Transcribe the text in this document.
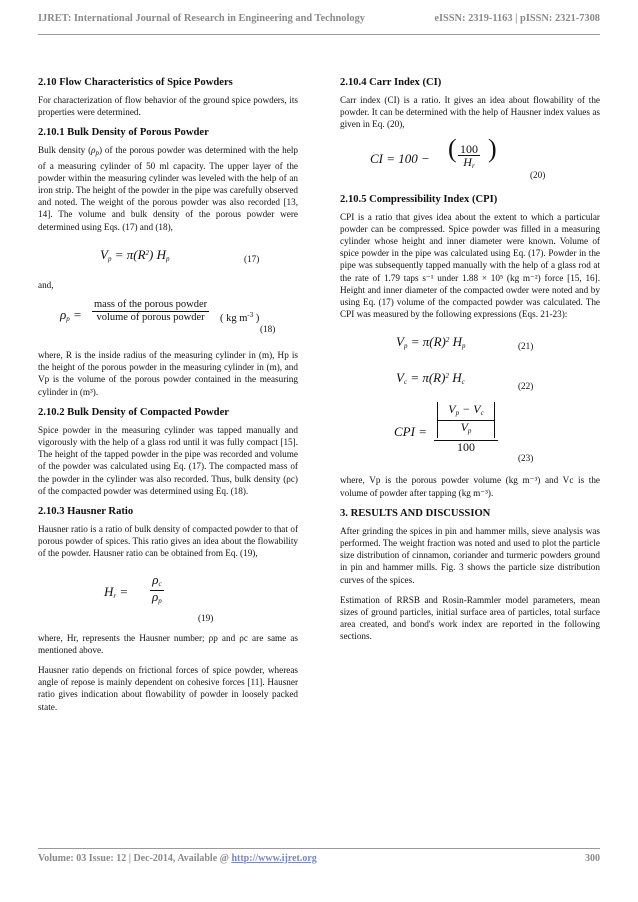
IJRET: International Journal of Research in Engineering and Technology	eISSN: 2319-1163 | pISSN: 2321-7308
2.10 Flow Characteristics of Spice Powders

For characterization of flow behavior of the ground spice powders, its properties were determined.

2.10.1 Bulk Density of Porous Powder

Bulk density $(\rho_p)$ of the porous powder was determined with the help of a measuring cylinder of 50 ml capacity. The upper layer of the powder within the measuring cylinder was leveled with the help of an iron strip. The height of the powder in the pipe was carefully observed and noted. The weight of the porous powder was also recorded [13, 14]. The volume and bulk density of the porous powder were determined using Eqs. (17) and (18),

$V_p = \pi(R^2)$ $H_p$	(17)

and,

$\rho_p$ =
mass of the porous powder
volume of porous powder ( kg $m^{-3}$ )
(18)

where, R is the inside radius of the measuring cylinder in (m), Hp is the height of the porous powder in the measuring cylinder in (m), and Vp is the volume of the porous powder contained in the measuring cylinder in (m³).

2.10.2 Bulk Density of Compacted Powder

Spice powder in the measuring cylinder was tapped manually and vigorously with the help of a glass rod until it was fully compact [15]. The height of the tapped powder in the pipe was recorded and volume of the powder was calculated using Eq. (17). The compacted mass of the powder in the cylinder was also recorded. Thus, bulk density (ρc) of the compacted powder was determined using Eq. (18).

2.10.3 Hausner Ratio

Hausner ratio is a ratio of bulk density of compacted powder to that of porous powder of spices. This ratio gives an idea about the flowability of the powder. Hausner ratio can be obtained from Eq. (19),

$H_r = \frac{\rho_c}{\rho_p}$
(19)

where, Hr, represents the Hausner number; ρp and ρc are same as mentioned above.

Hausner ratio depends on frictional forces of spice powder, whereas angle of repose is mainly dependent on cohesive forces [11]. Hausner ratio gives indication about flowability of powder in loosely packed state.

2.10.4 Carr Index (CI)

Carr index (CI) is a ratio. It gives an idea about flowability of the powder. It can be determined with the help of Hausner index values as given in Eq. (20),

CI = 100 − ( $\frac{100}{H_r}$ )
(20)
2.10.5 Compressibility Index (CPI)

CPI is a ratio that gives idea about the extent to which a particular powder can be compressed. Spice powder was filled in a measuring cylinder whose height and inner diameter were known. Volume of spice powder in the pipe was calculated using Eq. (17). Powder in the pipe was subsequently tapped manually with the help of a glass rod at the rate of 1.79 taps s⁻¹ under 1.88 × 10⁵ (kg m⁻²) force [15, 16]. Height and inner diameter of the compacted owder were noted and by using Eq. (17) volume of the compacted powder was calculated. The CPI was measured by the following expressions (Eqs. 21-23):

$V_p = \pi(R)^2$ $H_p$	(21)
$V_c = \pi(R)^2$ $H_c$	(22)
CPI =
$V_p - V_c$
$V_p$
100
(23)

where, Vp is the porous powder volume (kg m⁻³) and Vc is the volume of powder after tapping (kg m⁻³).

3. RESULTS AND DISCUSSION

After grinding the spices in pin and hammer mills, sieve analysis was performed. The weight fraction was noted and used to plot the particle size distribution of cinnamon, coriander and turmeric powders ground in pin and hammer mills. Fig. 3 shows the particle size distribution curves of the spices.

Estimation of RRSB and Rosin-Rammler model parameters, mean sizes of ground particles, initial surface area of particles, total surface area created, and bond's work index are reported in the following sections.

Volume: 03 Issue: 12 | Dec-2014, Available @ http://www.ijret.org	300
